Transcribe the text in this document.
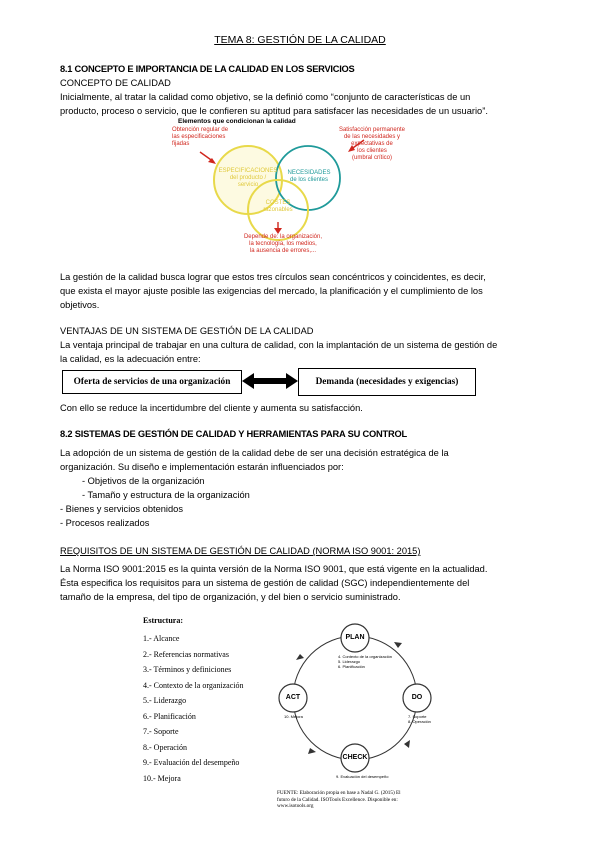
TEMA 8: GESTIÓN DE LA CALIDAD
8.1 CONCEPTO E IMPORTANCIA DE LA CALIDAD EN LOS SERVICIOS
CONCEPTO DE CALIDAD
Inicialmente, al tratar la calidad como objetivo, se la definió como “conjunto de características de un
producto, proceso o servicio, que le confieren su aptitud para satisfacer las necesidades de un usuario”.
Elementos que condicionan la calidad
Obtención regular de
las especificaciones
fijadas
Satisfacción permanente
de las necesidades y
expectativas de
los clientes
(umbral crítico)
ESPECIFICACIONES
del producto /
servicio
NECESIDADES
de los clientes
COSTES
razonables
Depende de: la organización,
la tecnología, los medios,
la ausencia de errores,...
La gestión de la calidad busca lograr que estos tres círculos sean concéntricos y coincidentes, es decir,
que exista el mayor ajuste posible las exigencias del mercado, la planificación y el cumplimiento de los
objetivos.
VENTAJAS DE UN SISTEMA DE GESTIÓN DE LA CALIDAD
La ventaja principal de trabajar en una cultura de calidad, con la implantación de un sistema de gestión de
la calidad, es la adecuación entre:
Oferta de servicios de una organización	Demanda (necesidades y exigencias)
Con ello se reduce la incertidumbre del cliente y aumenta su satisfacción.
8.2 SISTEMAS DE GESTIÓN DE CALIDAD Y HERRAMIENTAS PARA SU CONTROL
La adopción de un sistema de gestión de la calidad debe de ser una decisión estratégica de la
organización. Su diseño e implementación estarán influenciados por:
- Objetivos de la organización
- Tamaño y estructura de la organización
- Bienes y servicios obtenidos
- Procesos realizados
REQUISITOS DE UN SISTEMA DE GESTIÓN DE CALIDAD (NORMA ISO 9001: 2015)
La Norma ISO 9001:2015 es la quinta versión de la Norma ISO 9001, que está vigente en la actualidad.
Ésta especifica los requisitos para un sistema de gestión de calidad (SGC) independientemente del
tamaño de la empresa, del tipo de organización, y del bien o servicio suministrado.
Estructura:
1.- Alcance
2.- Referencias normativas
3.- Términos y definiciones
4.- Contexto de la organización
5.- Liderazgo
6.- Planificación
7.- Soporte
8.- Operación
9.- Evaluación del desempeño
10.- Mejora
PLAN
DO
CHECK
ACT
4. Contexto de la organización
5. Liderazgo
6. Planificación
7. Soporte
8. Operación
9. Evaluación del desempeño
10. Mejora
FUENTE: Elaboración propia en base a Nadal G. (2015) El
futuro de la Calidad. ISOTools Excellence. Disponible en:
www.isotools.org
